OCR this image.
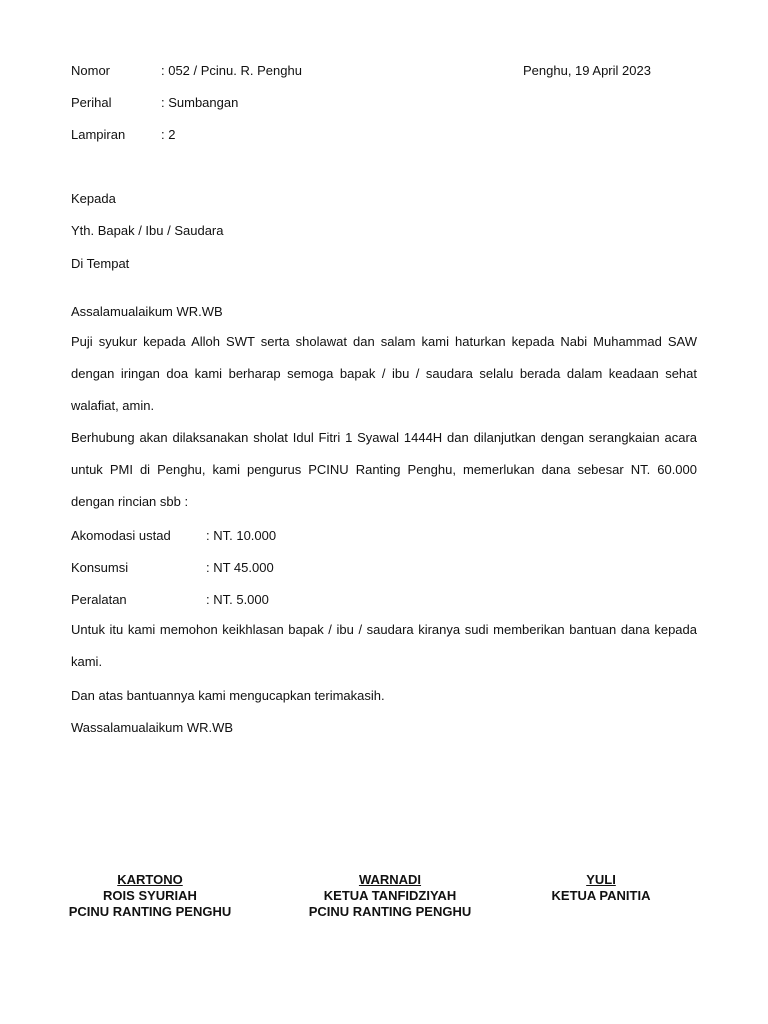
Nomor	: 052 / Pcinu. R. Penghu	Penghu, 19 April 2023
Perihal	: Sumbangan
Lampiran	: 2
Kepada
Yth. Bapak / Ibu / Saudara
Di Tempat
Assalamualaikum WR.WB
Puji syukur kepada Alloh SWT serta sholawat dan salam kami haturkan kepada Nabi Muhammad SAW dengan iringan doa kami berharap semoga bapak / ibu / saudara selalu berada dalam keadaan sehat walafiat, amin.
Berhubung akan dilaksanakan sholat Idul Fitri 1 Syawal 1444H dan dilanjutkan dengan serangkaian acara untuk PMI di Penghu, kami pengurus PCINU Ranting Penghu, memerlukan dana sebesar NT. 60.000 dengan rincian sbb :
Akomodasi ustad	: NT. 10.000
Konsumsi	: NT 45.000
Peralatan	: NT. 5.000
Untuk itu kami memohon keikhlasan bapak / ibu / saudara kiranya sudi memberikan bantuan dana kepada kami.
Dan atas bantuannya kami mengucapkan terimakasih.
Wassalamualaikum WR.WB
KARTONO
ROIS SYURIAH
PCINU RANTING PENGHU
WARNADI
KETUA TANFIDZIYAH
PCINU RANTING PENGHU
YULI
KETUA PANITIA
